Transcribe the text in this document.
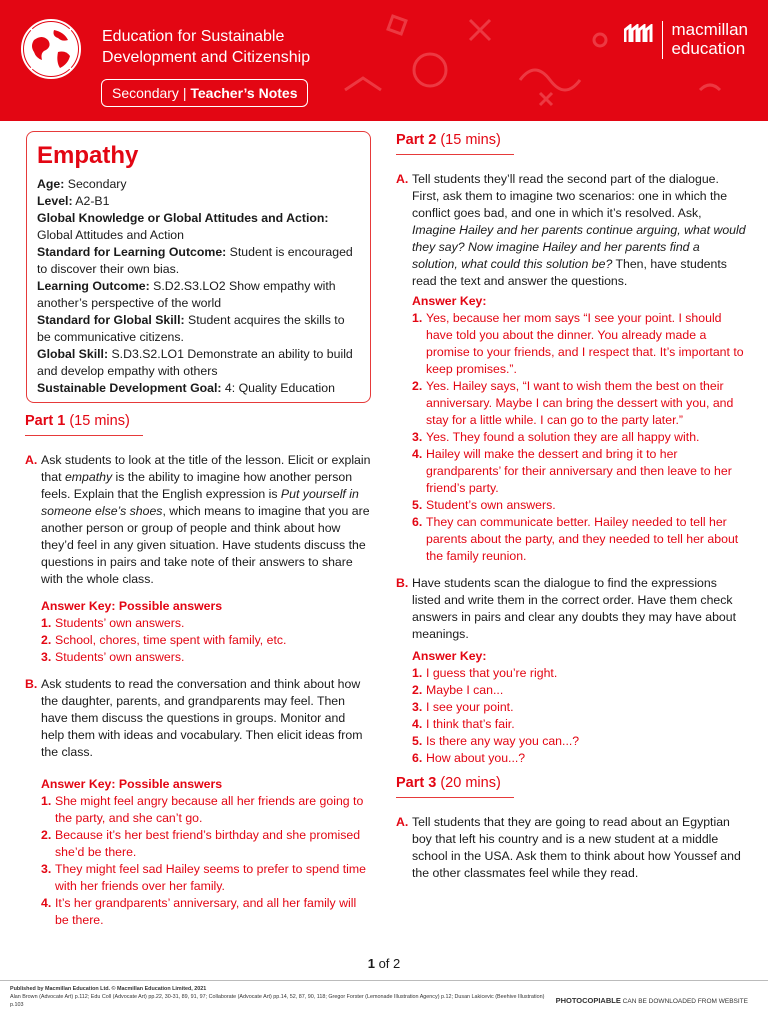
Education for Sustainable
Development and Citizenship
Secondary | Teacher’s Notes
macmillan
education
Empathy

Age: Secondary

Level: A2-B1

Global Knowledge or Global Attitudes and Action: Global Attitudes and Action

Standard for Learning Outcome: Student is encouraged to discover their own bias.

Learning Outcome: S.D2.S3.LO2 Show empathy with another’s perspective of the world

Standard for Global Skill: Student acquires the skills to be communicative citizens.

Global Skill: S.D3.S2.LO1 Demonstrate an ability to build and develop empathy with others

Sustainable Development Goal: 4: Quality Education

Part 1 (15 mins)
A. Ask students to look at the title of the lesson. Elicit or explain that empathy is the ability to imagine how another person feels. Explain that the English expression is Put yourself in someone else’s shoes, which means to imagine that you are another person or group of people and think about how they’d feel in any given situation. Have students discuss the questions in pairs and take note of their answers to share with the whole class.

Answer Key: Possible answers
1. Students’ own answers.
2. School, chores, time spent with family, etc.
3. Students’ own answers.
B. Ask students to read the conversation and think about how the daughter, parents, and grandparents may feel. Then have them discuss the questions in groups. Monitor and help them with ideas and vocabulary. Then elicit ideas from the class.

Answer Key: Possible answers
1. She might feel angry because all her friends are going to the party, and she can’t go.
2. Because it’s her best friend’s birthday and she promised she’d be there.
3. They might feel sad Hailey seems to prefer to spend time with her friends over her family.
4. It’s her grandparents’ anniversary, and all her family will be there.
Part 2 (15 mins)
A. Tell students they’ll read the second part of the dialogue. First, ask them to imagine two scenarios: one in which the conflict goes bad, and one in which it’s resolved. Ask, Imagine Hailey and her parents continue arguing, what would they say? Now imagine Hailey and her parents find a solution, what could this solution be? Then, have students read the text and answer the questions.

Answer Key:
1. Yes, because her mom says “I see your point. I should have told you about the dinner. You already made a promise to your friends, and I respect that. It’s important to keep promises.”.
2. Yes. Hailey says, “I want to wish them the best on their anniversary. Maybe I can bring the dessert with you, and stay for a little while. I can go to the party later.”
3. Yes. They found a solution they are all happy with.
4. Hailey will make the dessert and bring it to her grandparents’ for their anniversary and then leave to her friend’s party.
5. Student’s own answers.
6. They can communicate better. Hailey needed to tell her parents about the party, and they needed to tell her about the family reunion.
B. Have students scan the dialogue to find the expressions listed and write them in the correct order. Have them check answers in pairs and clear any doubts they may have about meanings.

Answer Key:
1. I guess that you’re right.
2. Maybe I can...
3. I see your point.
4. I think that’s fair.
5. Is there any way you can...?
6. How about you...?
Part 3 (20 mins)
A. Tell students that they are going to read about an Egyptian boy that left his country and is a new student at a middle school in the USA. Ask them to think about how Youssef and the other classmates feel while they read.

1 of 2
Published by Macmillan Education Ltd. © Macmillan Education Limited, 2021
Alan Brown (Advocate Art) p.112; Edu Coll (Advocate Art) pp.22, 30-31, 89, 91, 97; Collaborate (Advocate Art) pp.14, 52, 87, 90, 118; Gregor Forster (Lemonade Illustration Agency) p.12; Dusan Lakicevic (Beehive Illustration) p.103	PHOTOCOPIABLE CAN BE DOWNLOADED FROM WEBSITE
